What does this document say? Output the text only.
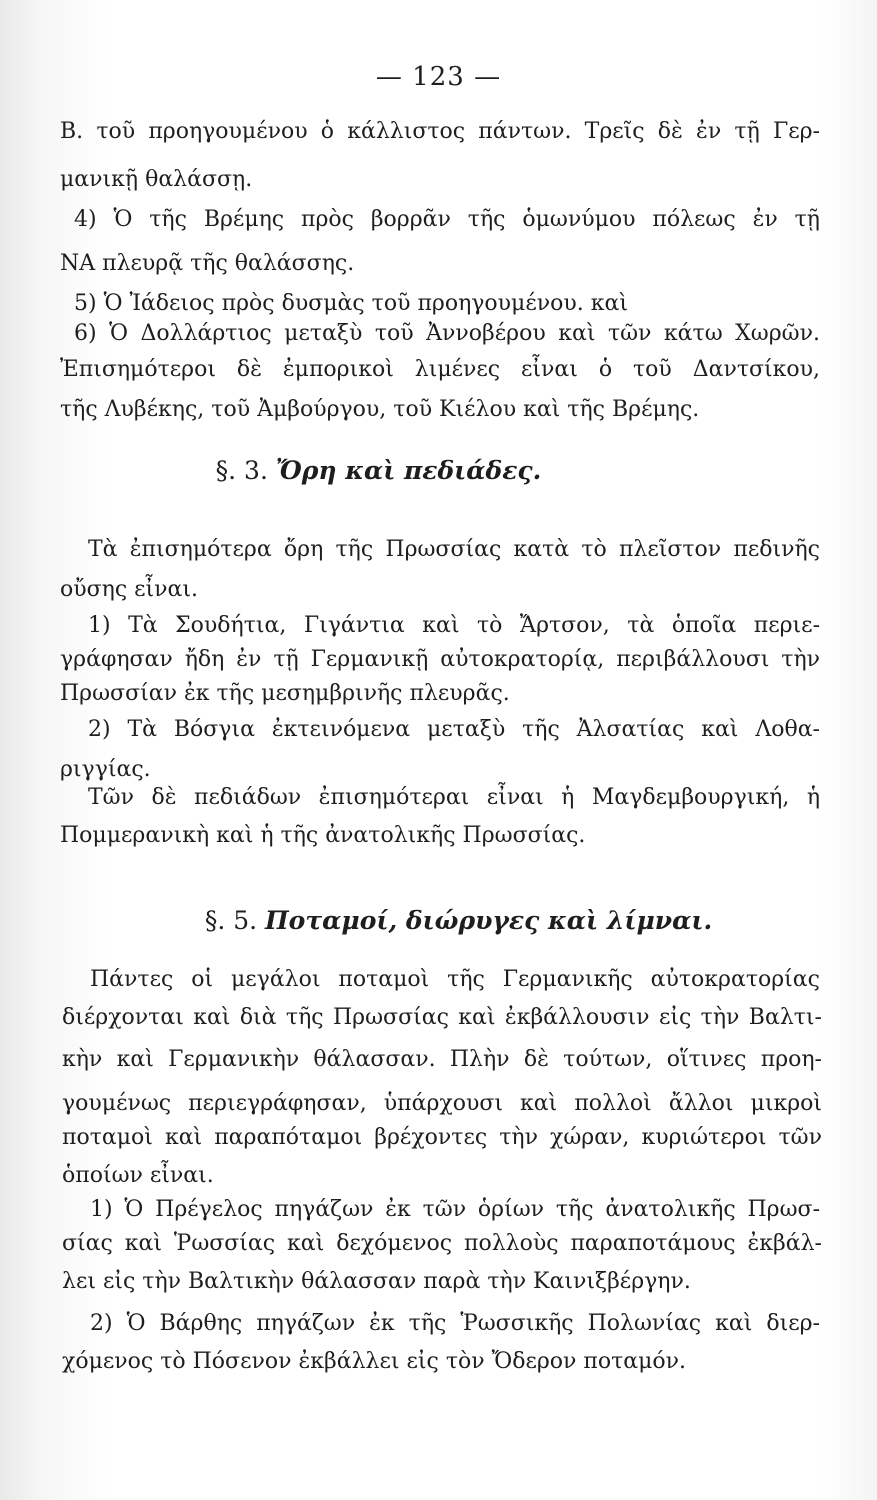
— 123 —
Β. τοῦ προηγουμένου ὁ κάλλιστος πάντων. Τρεῖς δὲ ἐν τῇ Γερ-
μανικῇ θαλάσσῃ.
4) Ὁ τῆς Βρέμης πρὸς βορρᾶν τῆς ὁμωνύμου πόλεως ἐν τῇ
ΝΑ πλευρᾷ τῆς θαλάσσης.
5) Ὁ Ἰάδειος πρὸς δυσμὰς τοῦ προηγουμένου. καὶ
6) Ὁ Δολλάρτιος μεταξὺ τοῦ Ἀννοβέρου καὶ τῶν κάτω Χωρῶν.
Ἐπισημότεροι δὲ ἐμπορικοὶ λιμένες εἶναι ὁ τοῦ Δαντσίκου,
τῆς Λυβέκης, τοῦ Ἀμβούργου, τοῦ Κιέλου καὶ τῆς Βρέμης.
§. 3. Ὄρη καὶ πεδιάδες.
Τὰ ἐπισημότερα ὄρη τῆς Πρωσσίας κατὰ τὸ πλεῖστον πεδινῆς
οὔσης εἶναι.
1) Τὰ Σουδήτια, Γιγάντια καὶ τὸ Ἄρτσον, τὰ ὁποῖα περιε-
γράφησαν ἤδη ἐν τῇ Γερμανικῇ αὐτοκρατορίᾳ, περιβάλλουσι τὴν
Πρωσσίαν ἐκ τῆς μεσημβρινῆς πλευρᾶς.
2) Τὰ Βόσγια ἐκτεινόμενα μεταξὺ τῆς Ἀλσατίας καὶ Λοθα-
ριγγίας.
Τῶν δὲ πεδιάδων ἐπισημότεραι εἶναι ἡ Μαγδεμβουργική, ἡ
Πομμερανικὴ καὶ ἡ τῆς ἀνατολικῆς Πρωσσίας.
§. 5. Ποταμοί, διώρυγες καὶ λίμναι.
Πάντες οἱ μεγάλοι ποταμοὶ τῆς Γερμανικῆς αὐτοκρατορίας
διέρχονται καὶ διὰ τῆς Πρωσσίας καὶ ἐκβάλλουσιν εἰς τὴν Βαλτι-
κὴν καὶ Γερμανικὴν θάλασσαν. Πλὴν δὲ τούτων, οἵτινες προη-
γουμένως περιεγράφησαν, ὑπάρχουσι καὶ πολλοὶ ἄλλοι μικροὶ
ποταμοὶ καὶ παραπόταμοι βρέχοντες τὴν χώραν, κυριώτεροι τῶν
ὁποίων εἶναι.
1) Ὁ Πρέγελος πηγάζων ἐκ τῶν ὁρίων τῆς ἀνατολικῆς Πρωσ-
σίας καὶ Ῥωσσίας καὶ δεχόμενος πολλοὺς παραποτάμους ἐκβάλ-
λει εἰς τὴν Βαλτικὴν θάλασσαν παρὰ τὴν Καινιξβέργην.
2) Ὁ Βάρθης πηγάζων ἐκ τῆς Ῥωσσικῆς Πολωνίας καὶ διερ-
χόμενος τὸ Πόσενον ἐκβάλλει εἰς τὸν Ὄδερον ποταμόν.
